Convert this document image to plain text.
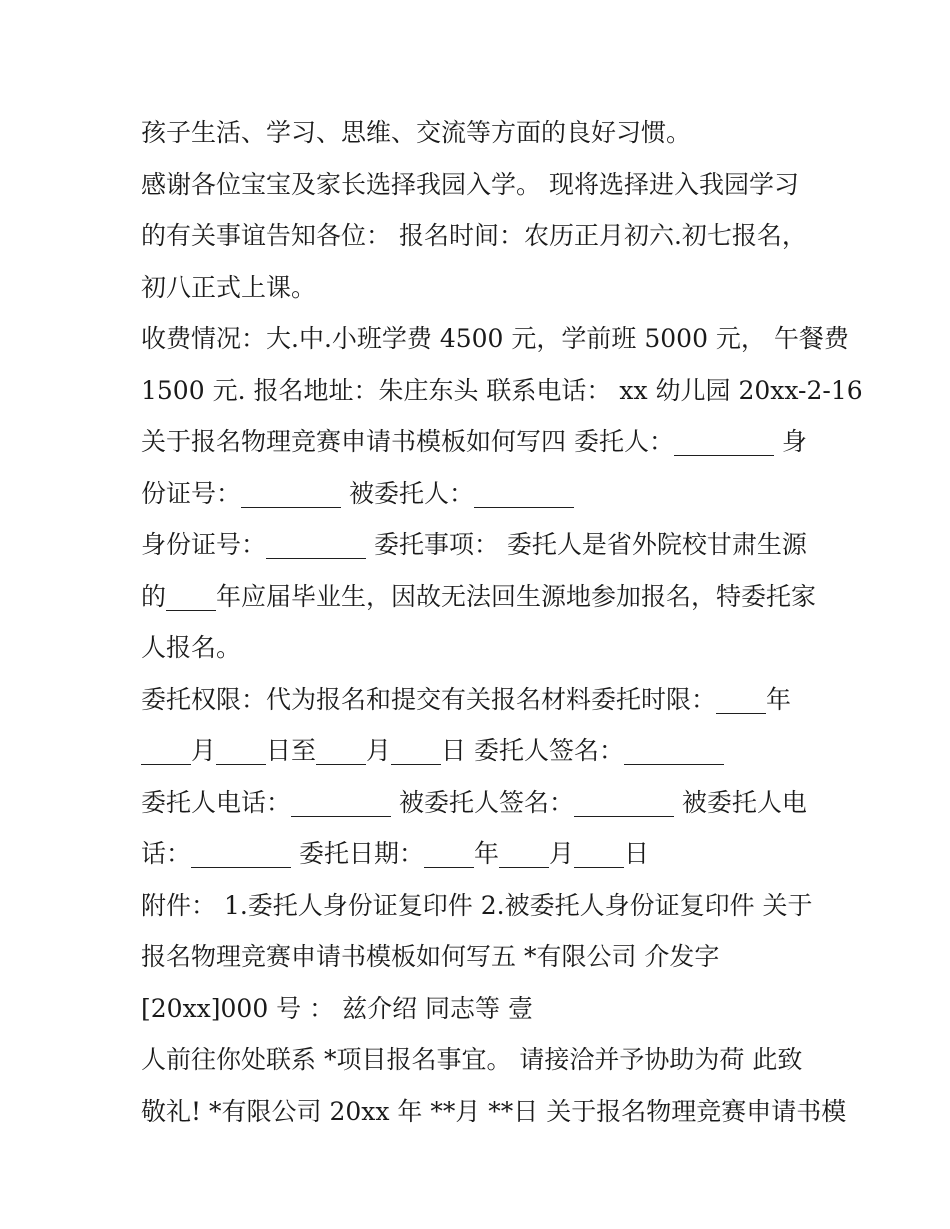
孩子生活、学习、思维、交流等方面的良好习惯。
感谢各位宝宝及家长选择我园入学。 现将选择进入我园学习
的有关事谊告知各位： 报名时间：农历正月初六.初七报名，
初八正式上课。
收费情况：大.中.小班学费 4500 元，学前班 5000 元， 午餐费
1500 元. 报名地址：朱庄东头 联系电话： xx 幼儿园 20xx-2-16
关于报名物理竞赛申请书模板如何写四 委托人：________ 身
份证号：________ 被委托人：________
身份证号：________ 委托事项： 委托人是省外院校甘肃生源
的____年应届毕业生，因故无法回生源地参加报名，特委托家
人报名。
委托权限：代为报名和提交有关报名材料委托时限：____年
____月____日至____月____日 委托人签名：________
委托人电话：________ 被委托人签名：________ 被委托人电
话：________ 委托日期：____年____月____日
附件： 1.委托人身份证复印件 2.被委托人身份证复印件 关于
报名物理竞赛申请书模板如何写五 *有限公司 介发字
[20xx]000 号 ： 兹介绍 同志等 壹
人前往你处联系 *项目报名事宜。 请接洽并予协助为荷 此致
敬礼! *有限公司 20xx 年 **月 **日 关于报名物理竞赛申请书模
